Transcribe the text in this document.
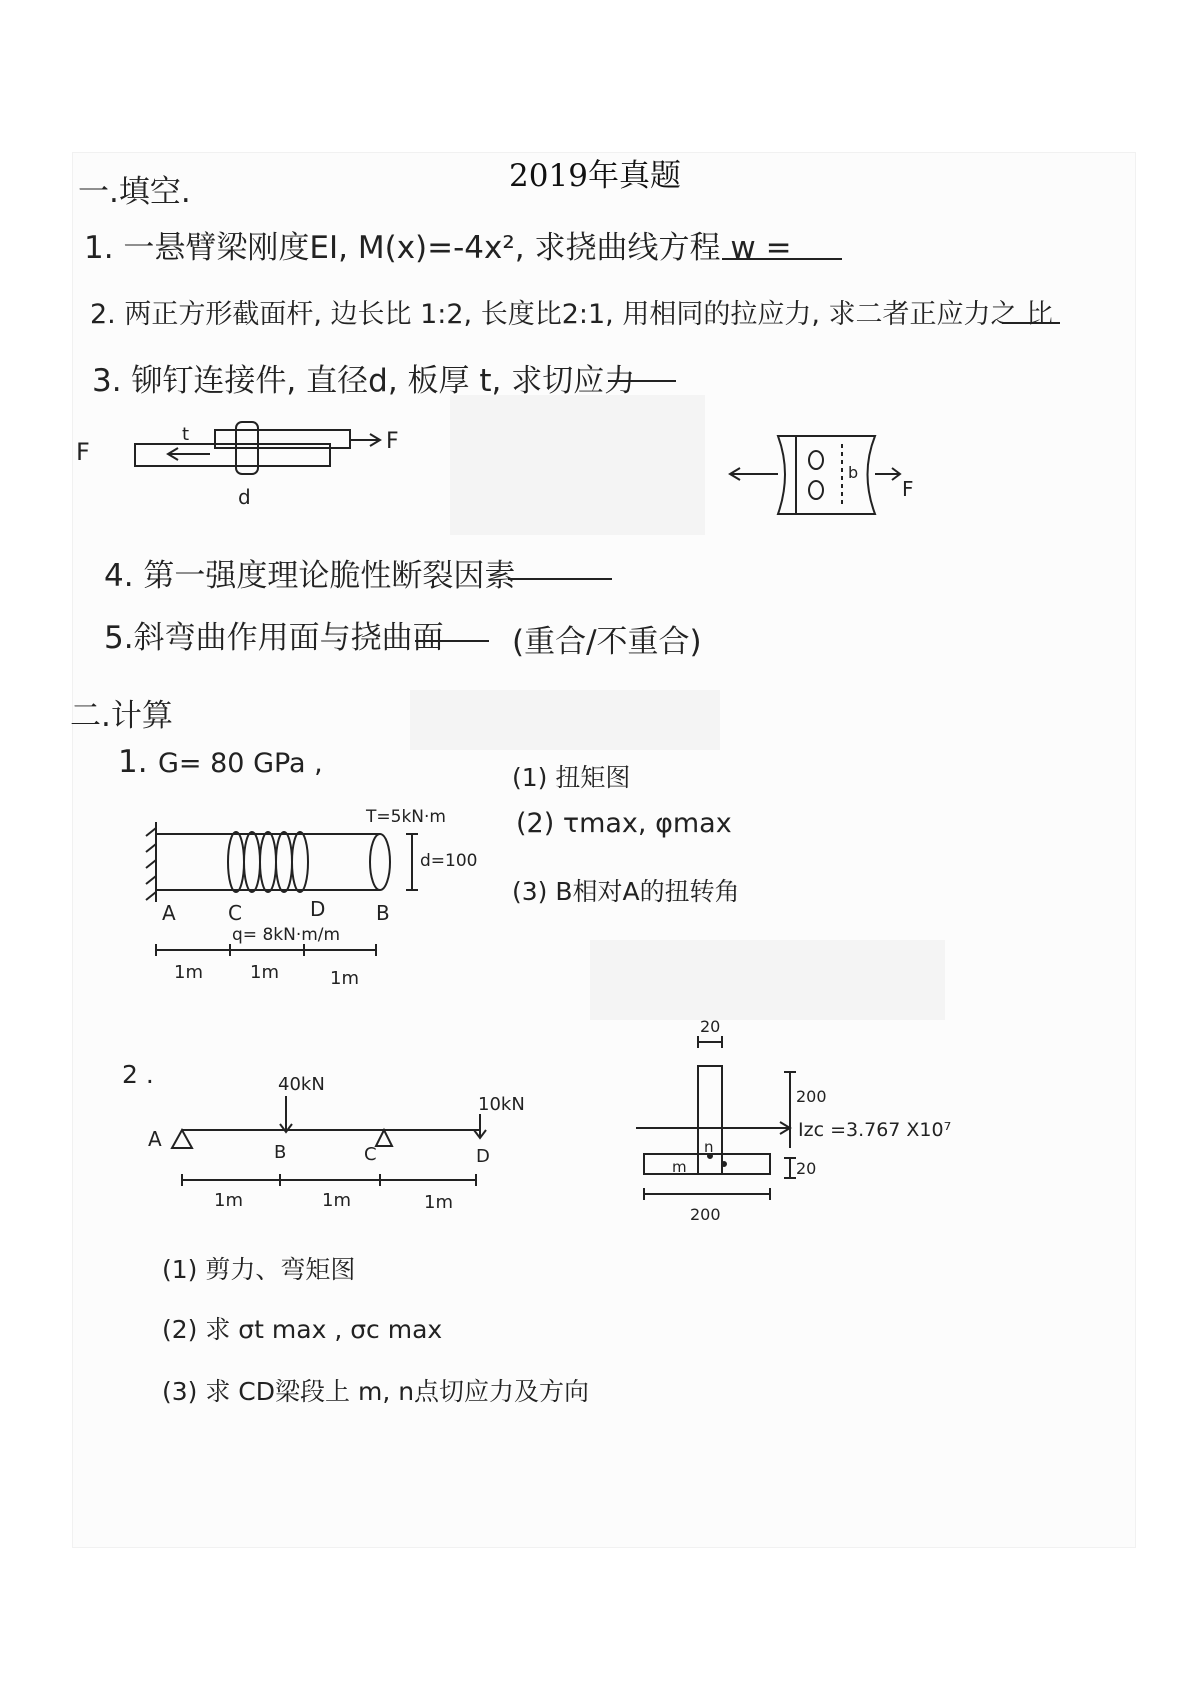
2019年真题
一.填空.
1. 一悬臂梁刚度EI, M(x)=-4x², 求挠曲线方程 w =
2. 两正方形截面杆, 边长比 1:2, 长度比2:1, 用相同的拉应力, 求二者正应力之 比
3. 铆钉连接件, 直径d, 板厚 t, 求切应力
F
t	F
d
b
F
4. 第一强度理论脆性断裂因素
5.斜弯曲作用面与挠曲面 (重合/不重合)
二.计算
1. G= 80 GPa ,	(1) 扭矩图
(2) τmax, φmax
(3) B相对A的扭转角
T=5kN·m
d=100
A	C	D	B
q= 8kN·m/m
1m	1m	1m
2 .	40kN
10kN
A
B	C	D
1m	1m	1m
20
n
m
200
20
Izc =3.767 X10⁷
200
(1) 剪力、弯矩图
(2) 求 σt max , σc max
(3) 求 CD梁段上 m, n点切应力及方向
